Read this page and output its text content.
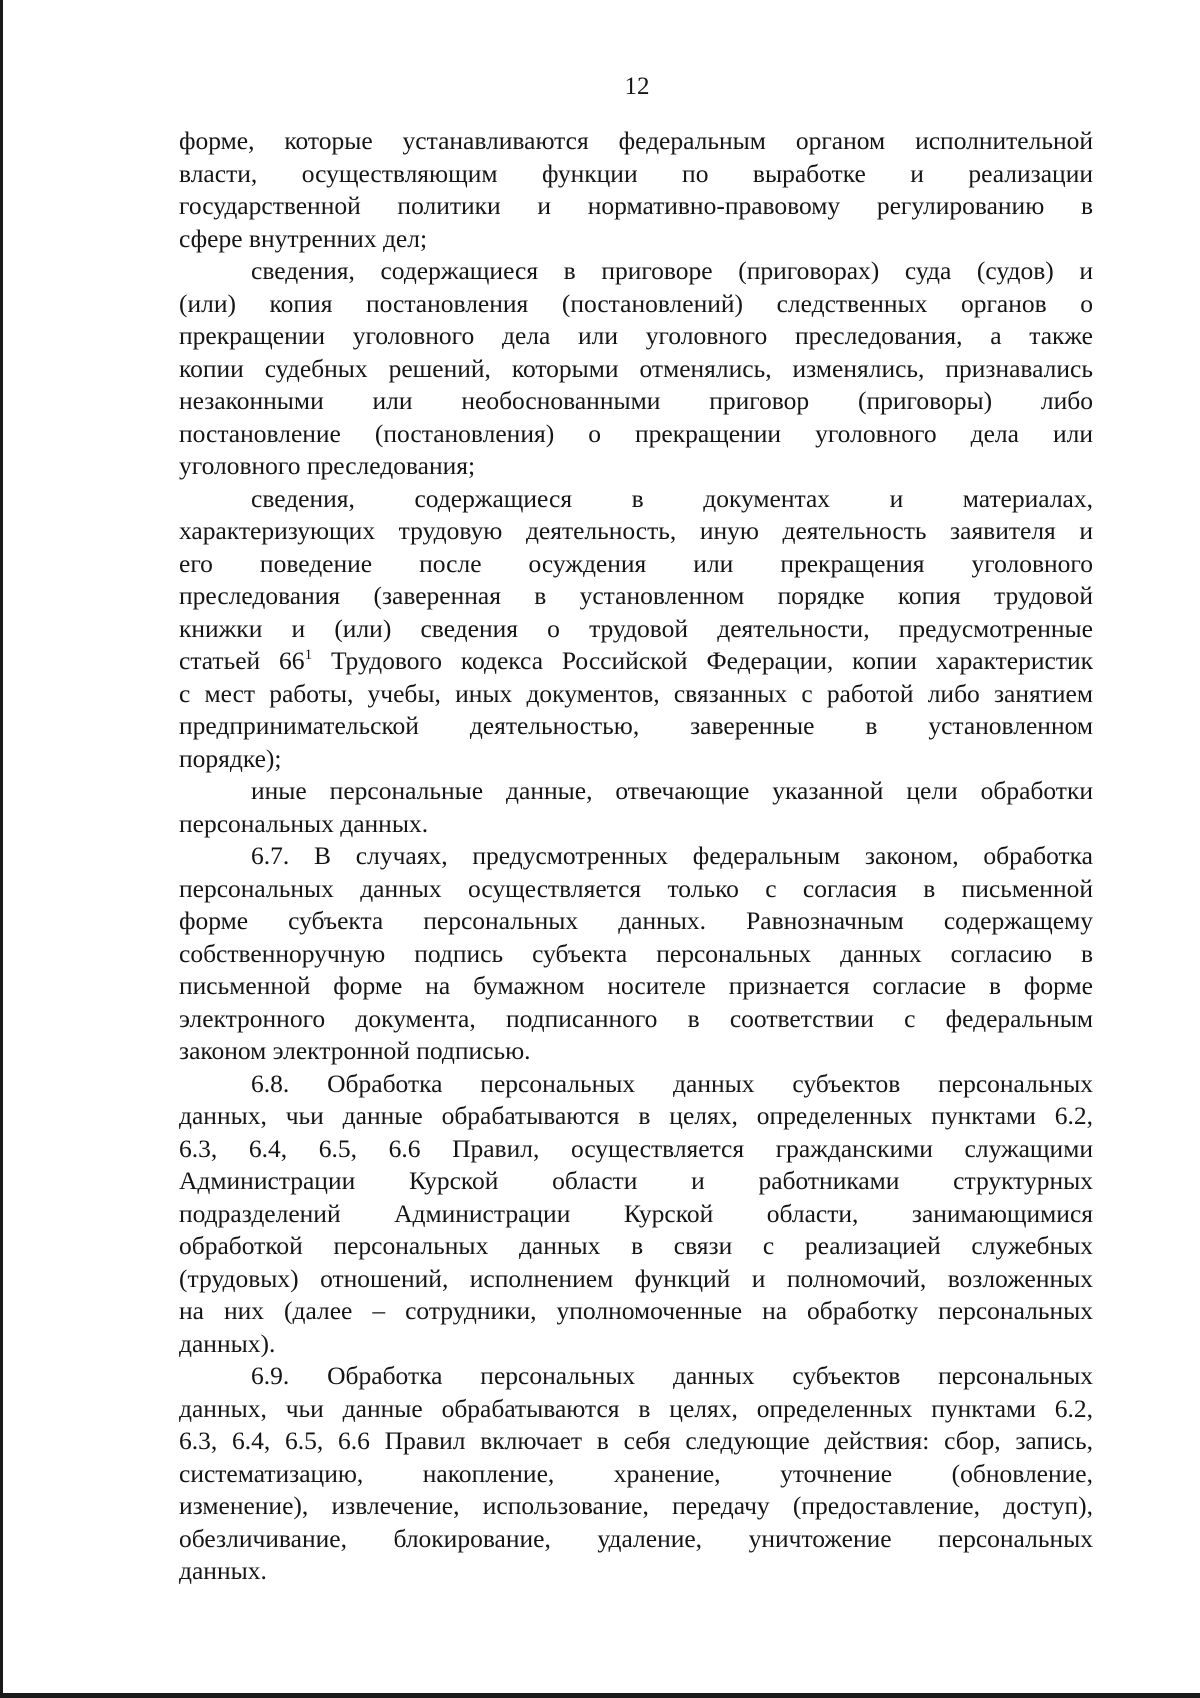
12
форме, которые устанавливаются федеральным органом исполнительной
власти, осуществляющим функции по выработке и реализации
государственной политики и нормативно-правовому регулированию в
сфере внутренних дел;
сведения, содержащиеся в приговоре (приговорах) суда (судов) и
(или) копия постановления (постановлений) следственных органов о
прекращении уголовного дела или уголовного преследования, а также
копии судебных решений, которыми отменялись, изменялись, признавались
незаконными или необоснованными приговор (приговоры) либо
постановление (постановления) о прекращении уголовного дела или
уголовного преследования;
сведения, содержащиеся в документах и материалах,
характеризующих трудовую деятельность, иную деятельность заявителя и
его поведение после осуждения или прекращения уголовного
преследования (заверенная в установленном порядке копия трудовой
книжки и (или) сведения о трудовой деятельности, предусмотренные
статьей $66^1$ Трудового кодекса Российской Федерации, копии характеристик
с мест работы, учебы, иных документов, связанных с работой либо занятием
предпринимательской деятельностью, заверенные в установленном
порядке);
иные персональные данные, отвечающие указанной цели обработки
персональных данных.
6.7. В случаях, предусмотренных федеральным законом, обработка
персональных данных осуществляется только с согласия в письменной
форме субъекта персональных данных. Равнозначным содержащему
собственноручную подпись субъекта персональных данных согласию в
письменной форме на бумажном носителе признается согласие в форме
электронного документа, подписанного в соответствии с федеральным
законом электронной подписью.
6.8. Обработка персональных данных субъектов персональных
данных, чьи данные обрабатываются в целях, определенных пунктами 6.2,
6.3, 6.4, 6.5, 6.6 Правил, осуществляется гражданскими служащими
Администрации Курской области и работниками структурных
подразделений Администрации Курской области, занимающимися
обработкой персональных данных в связи с реализацией служебных
(трудовых) отношений, исполнением функций и полномочий, возложенных
на них (далее – сотрудники, уполномоченные на обработку персональных
данных).
6.9. Обработка персональных данных субъектов персональных
данных, чьи данные обрабатываются в целях, определенных пунктами 6.2,
6.3, 6.4, 6.5, 6.6 Правил включает в себя следующие действия: сбор, запись,
систематизацию, накопление, хранение, уточнение (обновление,
изменение), извлечение, использование, передачу (предоставление, доступ),
обезличивание, блокирование, удаление, уничтожение персональных
данных.
